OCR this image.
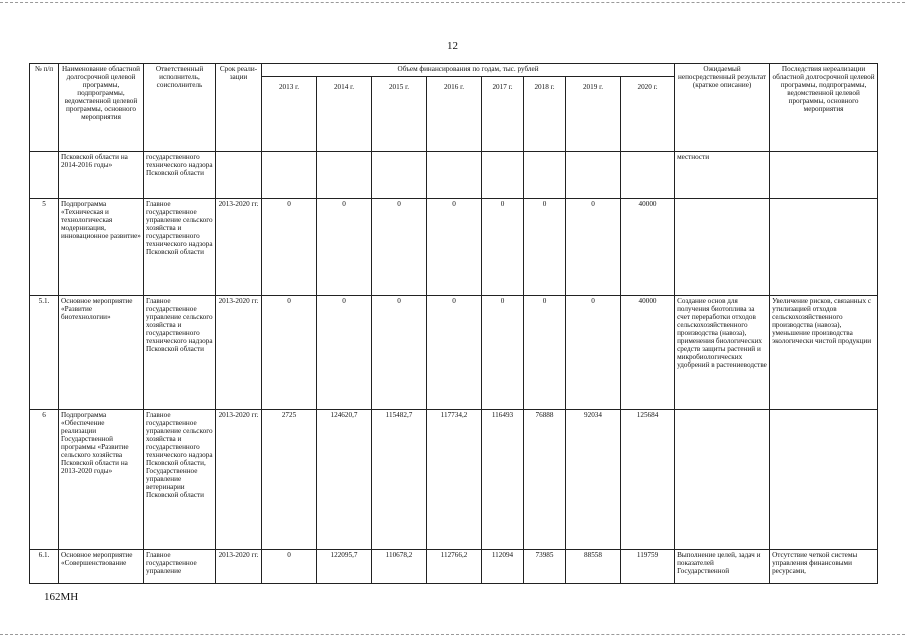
12
№ п/п	Наименование областной долгосрочной целевой программы, подпрограммы, ведомственной целевой программы, основного мероприятия	Ответственный исполнитель, соисполнитель	Срок реали-зации	Объем финансирования по годам, тыс. рублей								Ожидаемый непосредственный результат (краткое описание)	Последствия нереализации областной долгосрочной целевой программы, подпрограммы, ведомственной целевой программы, основного мероприятия
				2013 г.	2014 г.	2015 г.	2016 г.	2017 г.	2018 г.	2019 г.	2020 г.		
	Псковской области на 2014-2016 годы»	государственного технического надзора Псковской области										местности	
5	Подпрограмма «Техническая и технологическая модернизация, инновационное развитие»	Главное государственное управление сельского хозяйства и государственного технического надзора Псковской области	2013-2020 гг.	0	0	0	0	0	0	0	40000		
5.1.	Основное мероприятие «Развитие биотехнологии»	Главное государственное управление сельского хозяйства и государственного технического надзора Псковской области	2013-2020 гг.	0	0	0	0	0	0	0	40000	Создание основ для получения биотоплива за счет переработки отходов сельскохозяйственного производства (навоза), применения биологических средств защиты растений и микробиологических удобрений в растениеводстве	Увеличение рисков, связанных с утилизацией отходов сельскохозяйственного производства (навоза), уменьшение производства экологически чистой продукции
6	Подпрограмма «Обеспечение реализации Государственной программы «Развитие сельского хозяйства Псковской области на 2013-2020 годы»	Главное государственное управление сельского хозяйства и государственного технического надзора Псковской области, Государственное управление ветеринарии Псковской области	2013-2020 гг.	2725	124620,7	115482,7	117734,2	116493	76888	92034	125684		
6.1.	Основное мероприятие «Совершенствование	Главное государственное управление	2013-2020 гг.	0	122095,7	110678,2	112766,2	112094	73985	88558	119759	Выполнение целей, задач и показателей Государственной	Отсутствие четкой системы управления финансовыми ресурсами,
162МН
